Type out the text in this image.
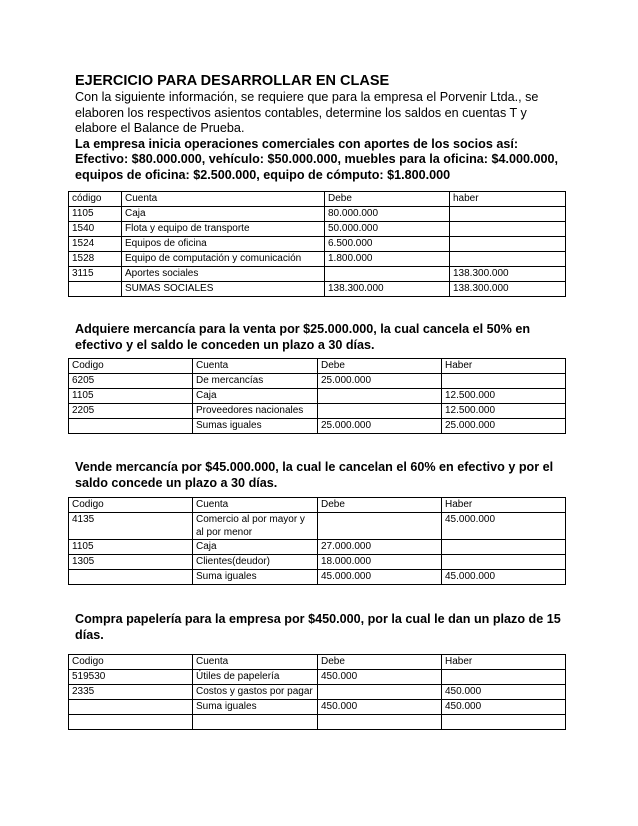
EJERCICIO PARA DESARROLLAR EN CLASE

Con la siguiente información, se requiere que para la empresa el Porvenir Ltda., se elaboren los respectivos asientos contables, determine los saldos en cuentas T y elabore el Balance de Prueba.
La empresa inicia operaciones comerciales con aportes de los socios así: Efectivo: $80.000.000, vehículo: $50.000.000, muebles para la oficina: $4.000.000, equipos de oficina: $2.500.000, equipo de cómputo: $1.800.000

código	Cuenta	Debe	haber
1105	Caja	80.000.000	
1540	Flota y equipo de transporte	50.000.000	
1524	Equipos de oficina	6.500.000	
1528	Equipo de computación y comunicación	1.800.000	
3115	Aportes sociales		138.300.000
	SUMAS SOCIALES	138.300.000	138.300.000

Adquiere mercancía para la venta por $25.000.000, la cual cancela el 50% en efectivo y el saldo le conceden un plazo a 30 días.

Codigo	Cuenta	Debe	Haber
6205	De mercancías	25.000.000	
1105	Caja		12.500.000
2205	Proveedores nacionales		12.500.000
	Sumas iguales	25.000.000	25.000.000

Vende mercancía por $45.000.000, la cual le cancelan el 60% en efectivo y por el saldo concede un plazo a 30 días.

Codigo	Cuenta	Debe	Haber
4135	Comercio al por mayor y al por menor		45.000.000
1105	Caja	27.000.000	
1305	Clientes(deudor)	18.000.000	
	Suma iguales	45.000.000	45.000.000

Compra papelería para la empresa por $450.000, por la cual le dan un plazo de 15 días.

Codigo	Cuenta	Debe	Haber
519530	Útiles de papelería	450.000	
2335	Costos y gastos por pagar		450.000
	Suma iguales	450.000	450.000
